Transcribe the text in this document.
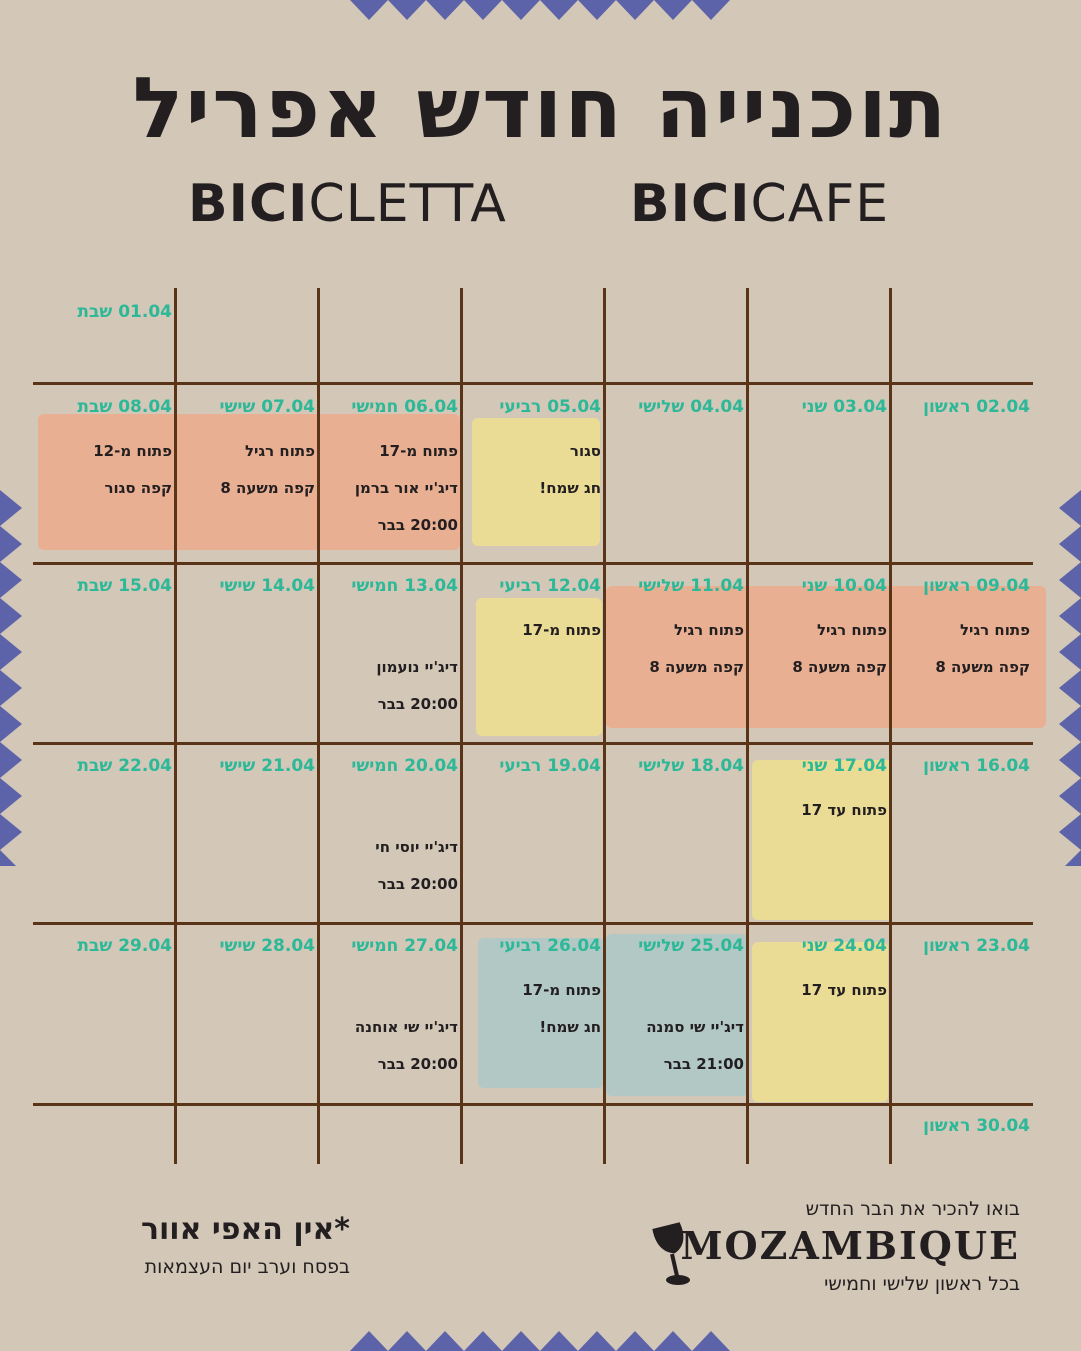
תוכנייה חודש אפריל
BICICLETTA BICICAFE
01.04 שבת
02.04 ראשון
03.04 שני
04.04 שלישי
05.04 רביעי
סגור
חג שמח!
06.04 חמישי
פתוח מ-17
דיג'יי אור ברמן
20:00 בבר
07.04 שישי
פתוח רגיל
קפה משעה 8
08.04 שבת
פתוח מ-12
קפה סגור
09.04 ראשון
פתוח רגיל
קפה משעה 8
10.04 שני
פתוח רגיל
קפה משעה 8
11.04 שלישי
פתוח רגיל
קפה משעה 8
12.04 רביעי
פתוח מ-17
13.04 חמישי
דיג'יי נועמון
20:00 בבר
14.04 שישי
15.04 שבת
16.04 ראשון
17.04 שני
פתוח עד 17
18.04 שלישי
19.04 רביעי
20.04 חמישי
דיג'יי יוסי חי
20:00 בבר
21.04 שישי
22.04 שבת
23.04 ראשון
24.04 שני
פתוח עד 17
25.04 שלישי
דיג'יי שי סמנה
21:00 בבר
26.04 רביעי
פתוח מ-17
חג שמח!
27.04 חמישי
דיג'יי שי אוחנה
20:00 בבר
28.04 שישי
29.04 שבת
30.04 ראשון
*אין האפי אוור
בפסח וערב יום העצמאות
בואו להכיר את הבר החדש
MOZAMBIQUE
בכל ראשון שלישי וחמישי
